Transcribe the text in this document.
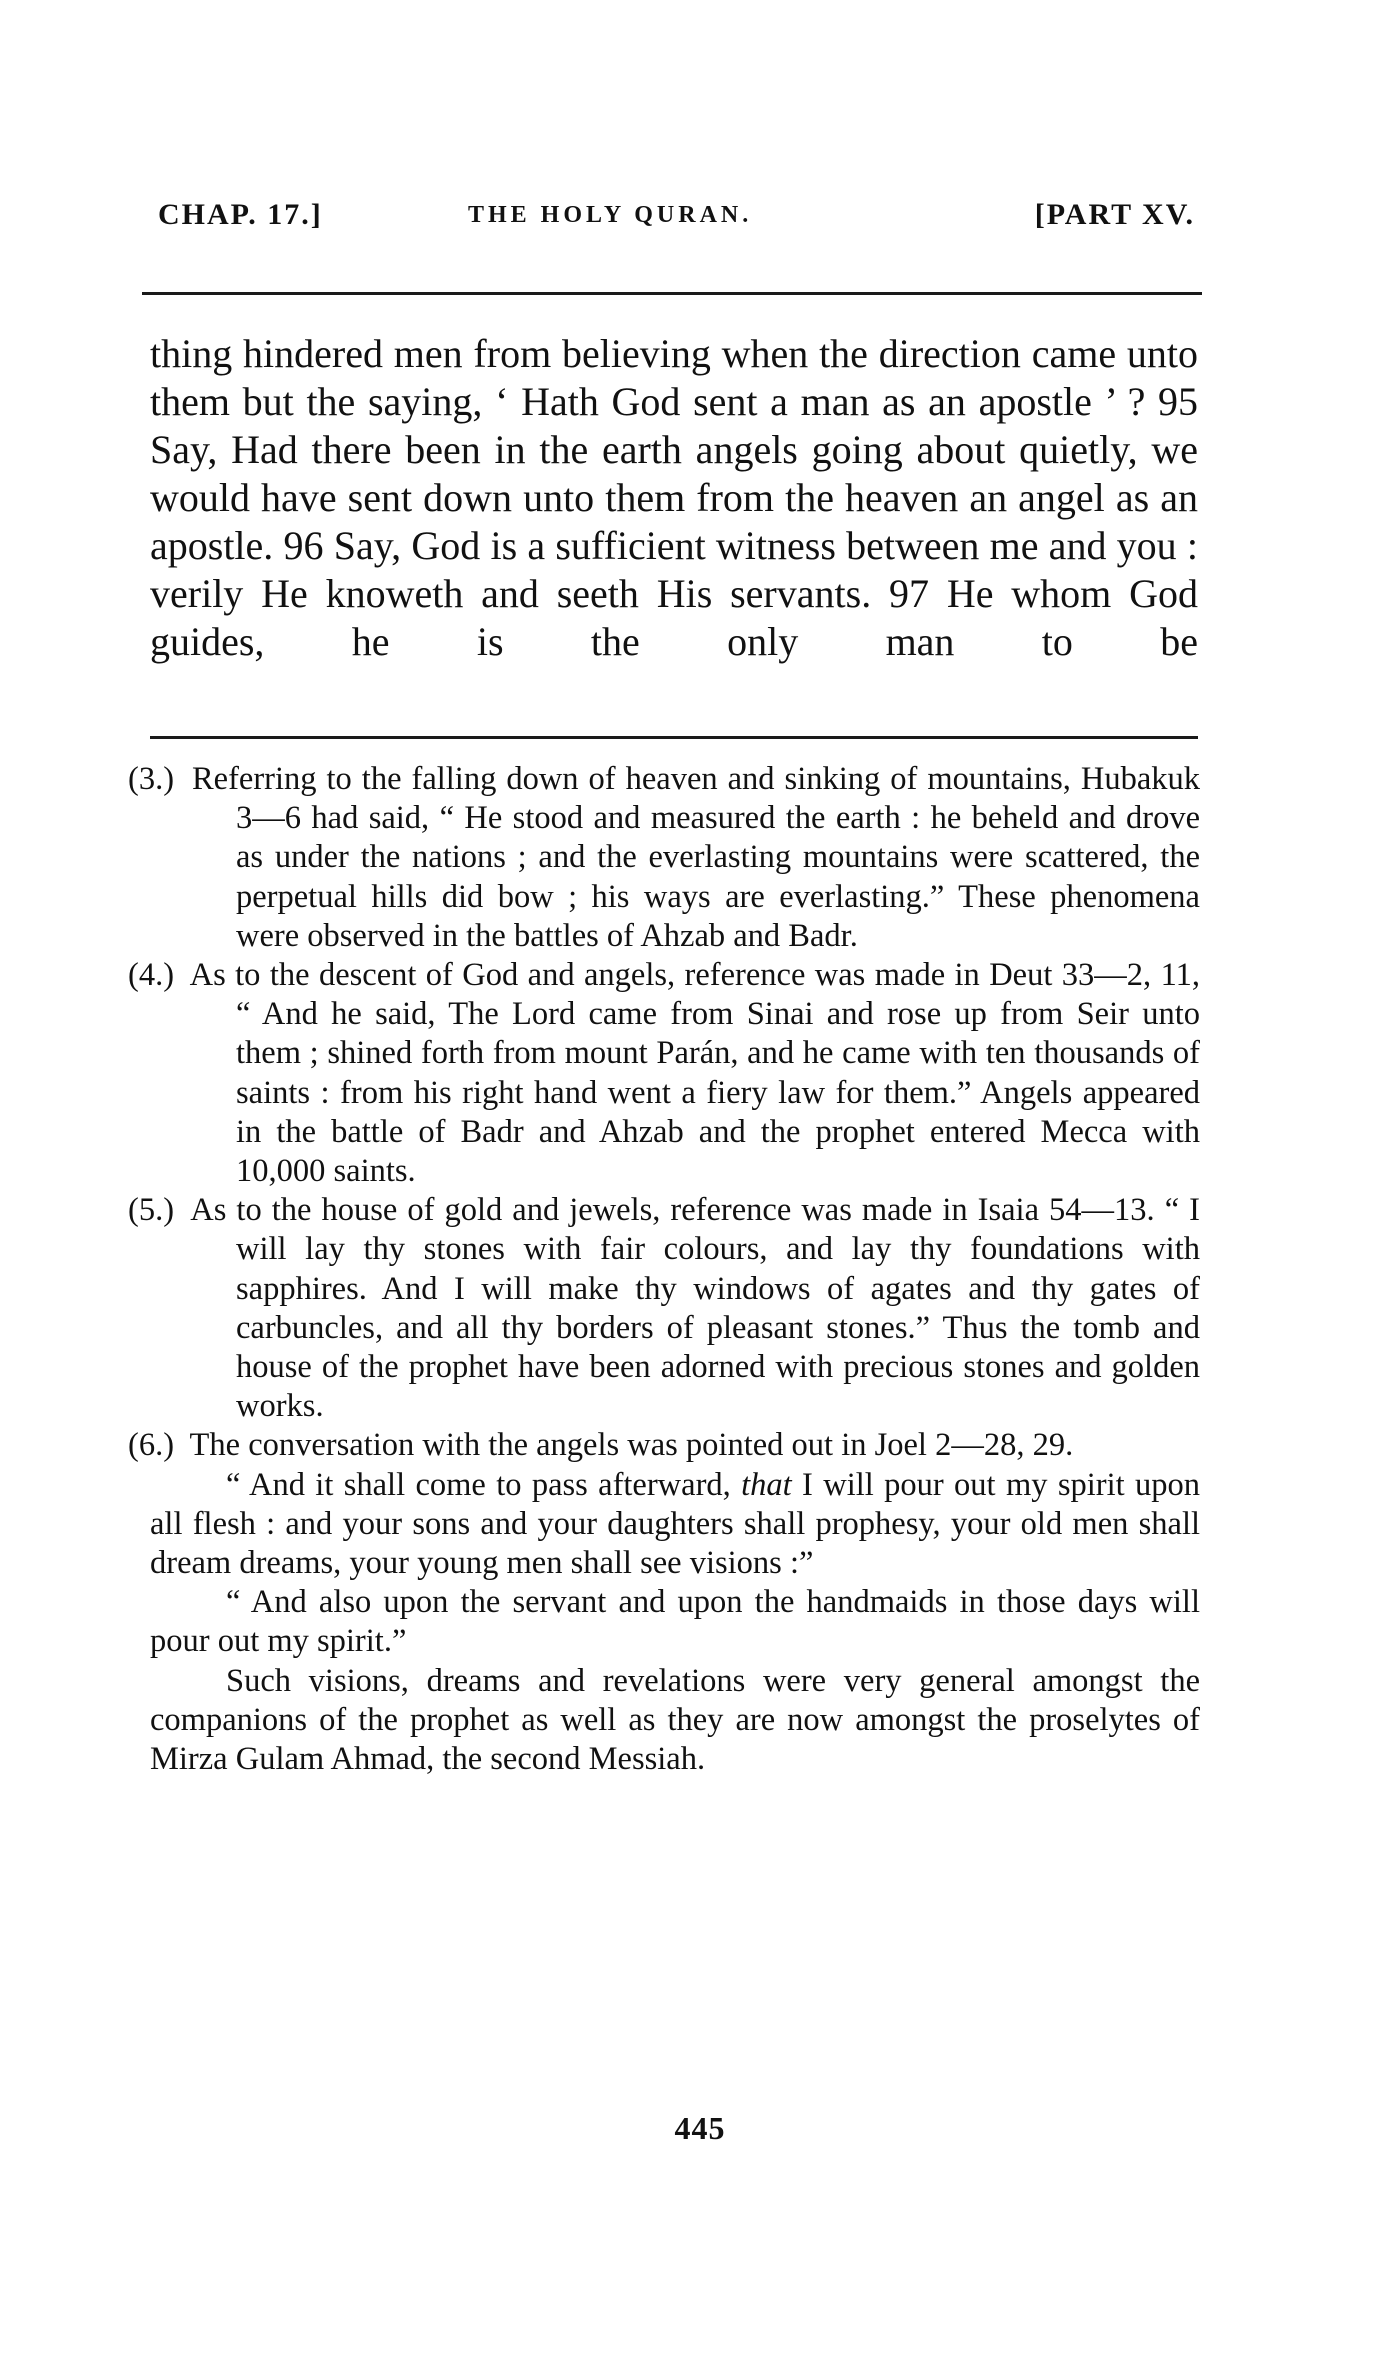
CHAP. 17.]	THE HOLY QURAN.	[PART XV.

thing hindered men from believing when the direction came unto them but the saying, ‘ Hath God sent a man as an apostle ’ ? 95 Say, Had there been in the earth angels going about quietly, we would have sent down unto them from the heaven an angel as an apostle. 96 Say, God is a sufficient witness between me and you : verily He knoweth and seeth His servants. 97 He whom God guides, he is the only man to be

(3.) Referring to the falling down of heaven and sinking of mountains, Hubakuk 3—6 had said, “ He stood and measured the earth : he beheld and drove as under the nations ; and the everlasting mountains were scattered, the perpetual hills did bow ; his ways are everlasting.” These phenomena were observed in the battles of Ahzab and Badr.

(4.) As to the descent of God and angels, reference was made in Deut 33—2, 11, “ And he said, The Lord came from Sinai and rose up from Seir unto them ; shined forth from mount Parán, and he came with ten thousands of saints : from his right hand went a fiery law for them.” Angels appeared in the battle of Badr and Ahzab and the prophet entered Mecca with 10,000 saints.

(5.) As to the house of gold and jewels, reference was made in Isaia 54—13. “ I will lay thy stones with fair colours, and lay thy foundations with sapphires. And I will make thy windows of agates and thy gates of carbuncles, and all thy borders of pleasant stones.” Thus the tomb and house of the prophet have been adorned with precious stones and golden works.

(6.) The conversation with the angels was pointed out in Joel 2—28, 29.

“ And it shall come to pass afterward, that I will pour out my spirit upon all flesh : and your sons and your daughters shall prophesy, your old men shall dream dreams, your young men shall see visions :”

“ And also upon the servant and upon the handmaids in those days will pour out my spirit.”

Such visions, dreams and revelations were very general amongst the companions of the prophet as well as they are now amongst the proselytes of Mirza Gulam Ahmad, the second Messiah.

445
